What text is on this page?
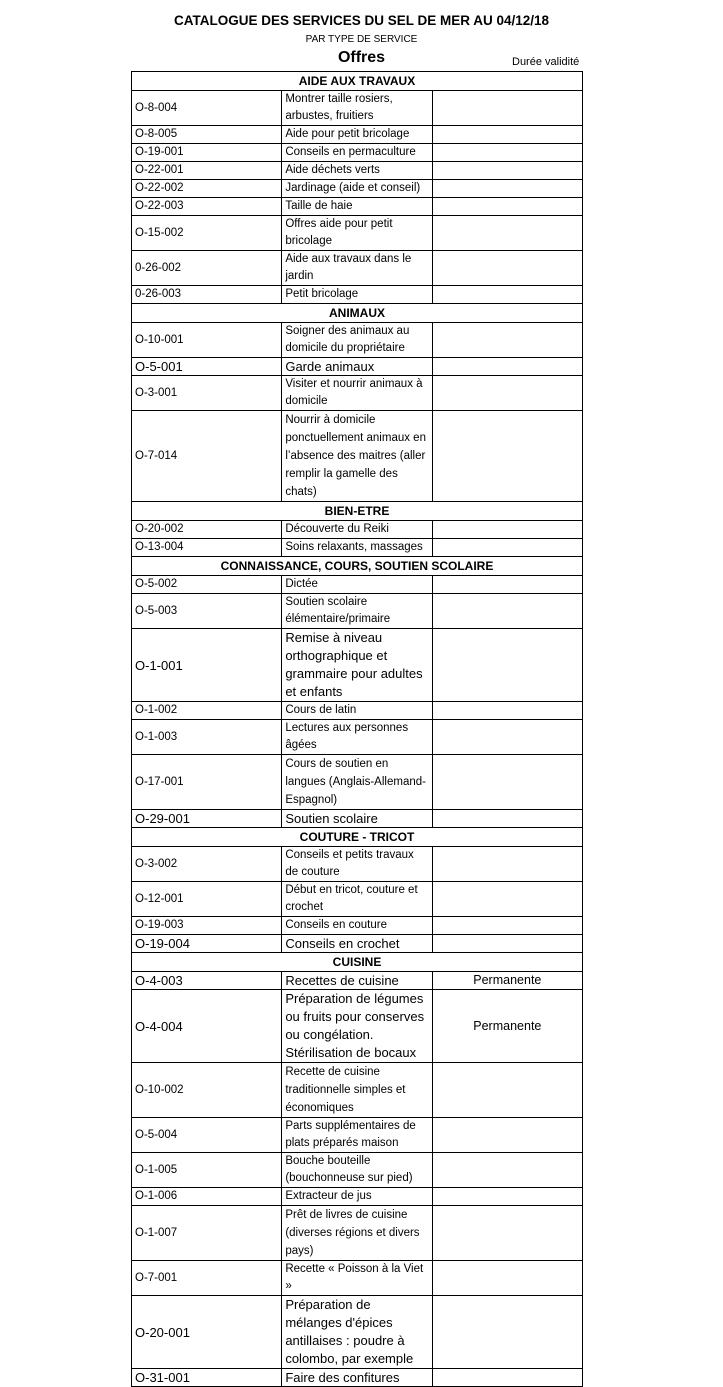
CATALOGUE DES SERVICES DU SEL DE MER AU 04/12/18
PAR TYPE DE SERVICE
Offres	Durée validité
AIDE AUX TRAVAUX		
O-8-004	Montrer taille rosiers, arbustes, fruitiers	
O-8-005	Aide pour petit bricolage	
O-19-001	Conseils en permaculture	
O-22-001	Aide déchets verts	
O-22-002	Jardinage (aide et conseil)	
O-22-003	Taille de haie	
O-15-002	Offres aide pour petit bricolage	
0-26-002	Aide aux travaux dans le jardin	
0-26-003	Petit bricolage	
ANIMAUX		
O-10-001	Soigner des animaux au domicile du propriétaire	
O-5-001	Garde animaux	
O-3-001	Visiter et nourrir animaux à domicile	
O-7-014	Nourrir à domicile ponctuellement animaux en l’absence des maitres (aller remplir la gamelle des chats)	
BIEN-ETRE		
O-20-002	Découverte du Reiki	
O-13-004	Soins relaxants, massages	
CONNAISSANCE, COURS, SOUTIEN SCOLAIRE		
O-5-002	Dictée	
O-5-003	Soutien scolaire élémentaire/primaire	
O-1-001	Remise à niveau orthographique et grammaire pour adultes et enfants	
O-1-002	Cours de latin	
O-1-003	Lectures aux personnes âgées	
O-17-001	Cours de soutien en langues (Anglais-Allemand-Espagnol)	
O-29-001	Soutien scolaire	
COUTURE - TRICOT		
O-3-002	Conseils et petits travaux de couture	
O-12-001	Début en tricot, couture et crochet	
O-19-003	Conseils en couture	
O-19-004	Conseils en crochet	
CUISINE		
O-4-003	Recettes de cuisine	Permanente
O-4-004	Préparation de légumes ou fruits pour conserves ou congélation. Stérilisation de bocaux	Permanente
O-10-002	Recette de cuisine traditionnelle simples et économiques	
O-5-004	Parts supplémentaires de plats préparés maison	
O-1-005	Bouche bouteille (bouchonneuse sur pied)	
O-1-006	Extracteur de jus	
O-1-007	Prêt de livres de cuisine (diverses régions et divers pays)	
O-7-001	Recette « Poisson à la Viet »	
O-20-001	Préparation de mélanges d'épices antillaises : poudre à colombo, par exemple	
O-31-001	Faire des confitures	
